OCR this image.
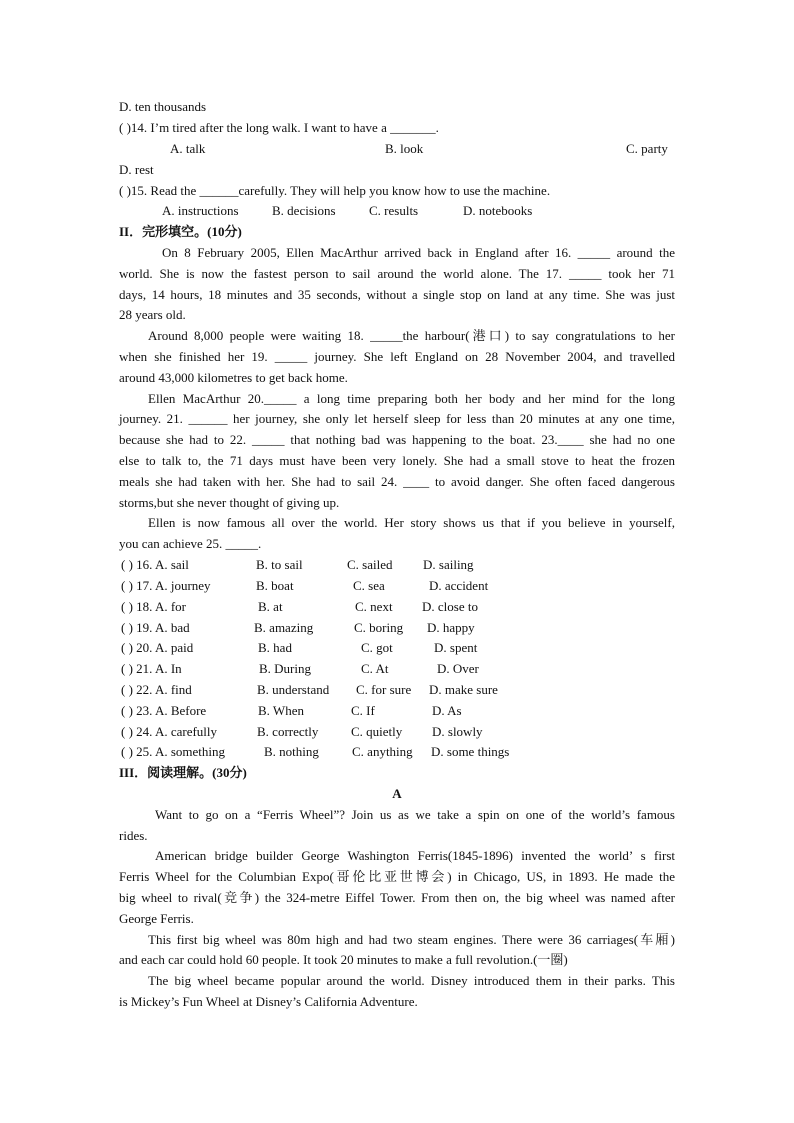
D. ten thousands
( )14. I’m tired after the long walk. I want to have a _______.
A. talk	B. look	C. party
D. rest
( )15. Read the ______carefully. They will help you know how to use the machine.
A. instructions	B. decisions	C. results	D. notebooks
II．完形填空。(10分)
On 8 February 2005, Ellen MacArthur arrived back in England after 16. _____ around the
world. She is now the fastest person to sail around the world alone. The 17. _____ took her 71
days, 14 hours, 18 minutes and 35 seconds, without a single stop on land at any time. She was just
28 years old.
Around 8,000 people were waiting 18. _____the harbour(港口) to say congratulations to her
when she finished her 19. _____ journey. She left England on 28 November 2004, and travelled
around 43,000 kilometres to get back home.
Ellen MacArthur 20._____ a long time preparing both her body and her mind for the long
journey. 21. ______ her journey, she only let herself sleep for less than 20 minutes at any one time,
because she had to 22. _____ that nothing bad was happening to the boat. 23.____ she had no one
else to talk to, the 71 days must have been very lonely. She had a small stove to heat the frozen
meals she had taken with her. She had to sail 24. ____ to avoid danger. She often faced dangerous
storms,but she never thought of giving up.
Ellen is now famous all over the world. Her story shows us that if you believe in yourself,
you can achieve 25. _____.
( ) 16. A. sail	B. to sail	C. sailed D. sailing
( ) 17. A. journey	B. boat	C. sea	D. accident
( ) 18. A. for	B. at	C. next D. close to
( ) 19. A. bad	B. amazing	C. boring D. happy
( ) 20. A. paid	B. had	C. got	D. spent
( ) 21. A. In	B. During	C. At	D. Over
( ) 22. A. find	B. understand C. for sure D. make sure
( ) 23. A. Before	B. When	C. If	D. As
( ) 24. A. carefully	B. correctly	C. quietly D. slowly
( ) 25. A. something	B. nothing	C. anything D. some things
III．阅读理解。(30分)
A
Want to go on a “Ferris Wheel”? Join us as we take a spin on one of the world’s famous
rides.
American bridge builder George Washington Ferris(1845-1896) invented the world’ s first
Ferris Wheel for the Columbian Expo(哥伦比亚世博会) in Chicago, US, in 1893. He made the
big wheel to rival(竞争) the 324-metre Eiffel Tower. From then on, the big wheel was named after
George Ferris.
This first big wheel was 80m high and had two steam engines. There were 36 carriages(车厢)
and each car could hold 60 people. It took 20 minutes to make a full revolution.(一圈)
The big wheel became popular around the world. Disney introduced them in their parks. This
is Mickey’s Fun Wheel at Disney’s California Adventure.
